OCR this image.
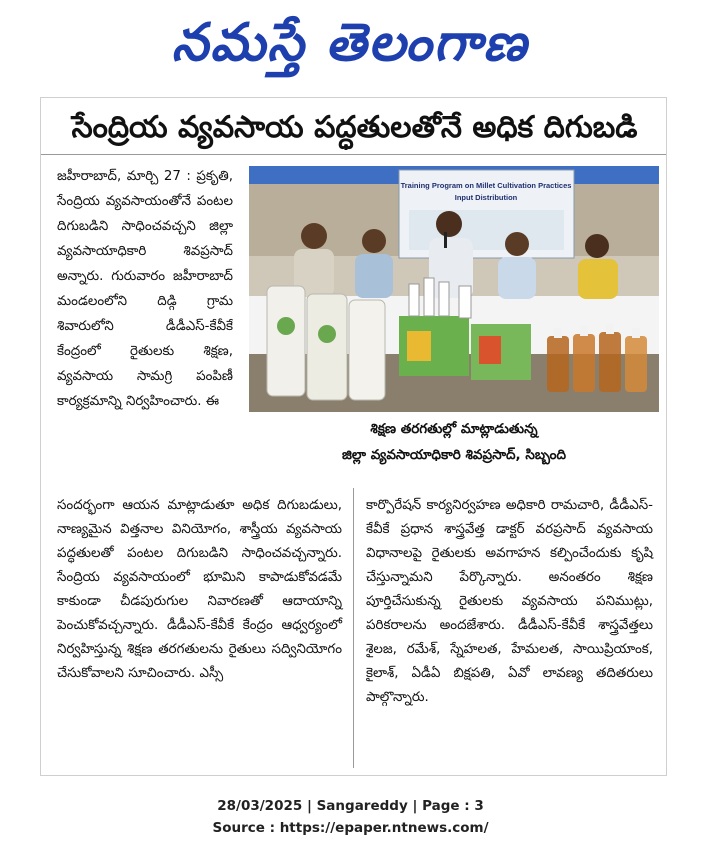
నమస్తే తెలంగాణ
సేంద్రియ వ్యవసాయ పద్ధతులతోనే అధిక దిగుబడి
జహీరాబాద్, మార్చి 27 : ప్రకృతి, సేంద్రియ వ్యవసాయంతోనే పంటల దిగుబడిని సాధించవచ్చని జిల్లా వ్యవసాయాధికారి శివప్రసాద్ అన్నారు. గురువారం జహీరాబాద్ మండలంలోని దిడ్గి గ్రామ శివారులోని డీడీఎస్-కేవీకే కేంద్రంలో రైతులకు శిక్షణ, వ్యవసాయ సామగ్రి పంపిణీ కార్యక్రమాన్ని నిర్వహించారు. ఈ
Training Program on Millet Cultivation Practices
Input Distribution
శిక్షణ తరగతుల్లో మాట్లాడుతున్న
జిల్లా వ్యవసాయాధికారి శివప్రసాద్, సిబ్బంది
సందర్భంగా ఆయన మాట్లాడుతూ అధిక దిగుబడులు, నాణ్యమైన విత్తనాల వినియోగం, శాస్త్రీయ వ్యవసాయ పద్ధతులతో పంటల దిగుబడిని సాధించవచ్చన్నారు. సేంద్రియ వ్యవసాయంలో భూమిని కాపాడుకోవడమే కాకుండా చీడపురుగుల నివారణతో ఆదాయాన్ని పెంచుకోవచ్చన్నారు. డీడీఎస్-కేవీకే కేంద్రం ఆధ్వర్యంలో నిర్వహిస్తున్న శిక్షణ తరగతులను రైతులు సద్వినియోగం చేసుకోవాలని సూచించారు. ఎస్సీ
కార్పొరేషన్ కార్యనిర్వహణ అధికారి రామచారి, డీడీఎస్-కేవీకే ప్రధాన శాస్త్రవేత్త డాక్టర్ వరప్రసాద్ వ్యవసాయ విధానాలపై రైతులకు అవగాహన కల్పించేందుకు కృషి చేస్తున్నామని పేర్కొన్నారు. అనంతరం శిక్షణ పూర్తిచేసుకున్న రైతులకు వ్యవసాయ పనిముట్లు, పరికరాలను అందజేశారు. డీడీఎస్-కేవీకే శాస్త్రవేత్తలు శైలజ, రమేశ్, స్నేహలత, హేమలత, సాయిప్రియాంక, కైలాశ్, ఏడీఏ బిక్షపతి, ఏవో లావణ్య తదితరులు పాల్గొన్నారు.
28/03/2025 | Sangareddy | Page : 3
Source : https://epaper.ntnews.com/
